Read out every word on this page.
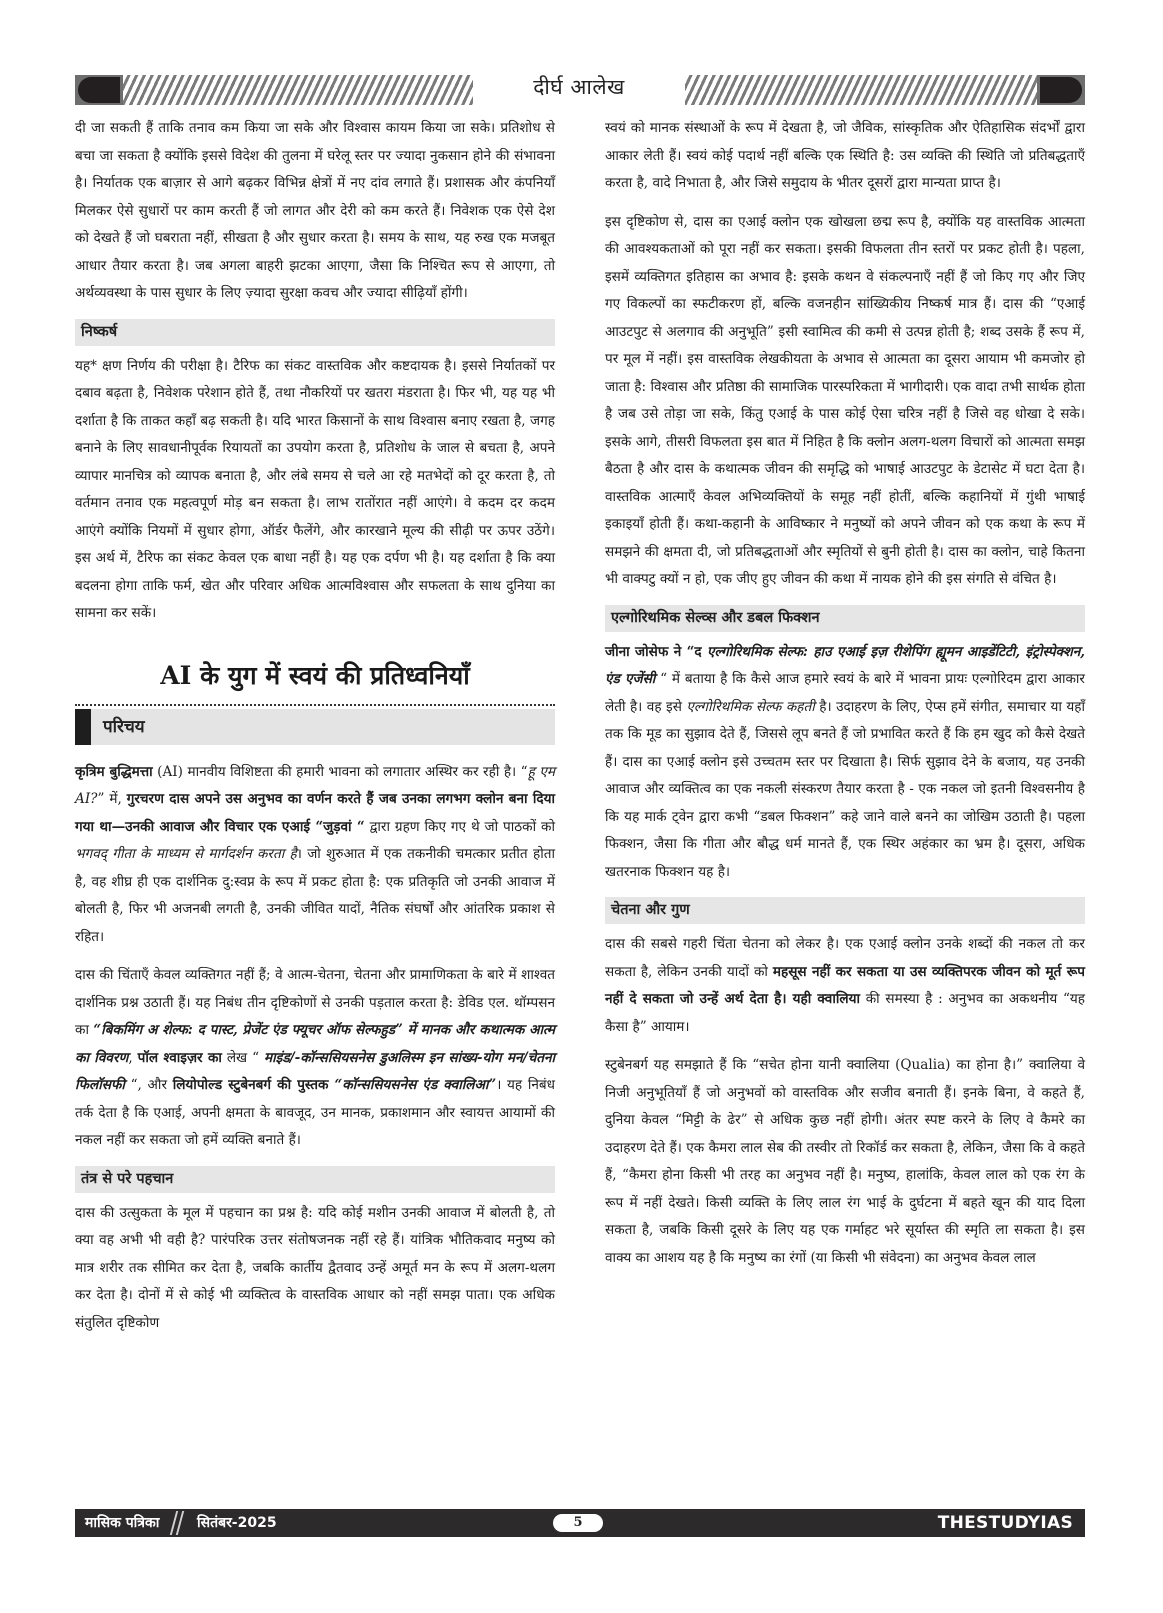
दीर्घ आलेख

दी जा सकती हैं ताकि तनाव कम किया जा सके और विश्वास कायम किया जा सके। प्रतिशोध से बचा जा सकता है क्योंकि इससे विदेश की तुलना में घरेलू स्तर पर ज्यादा नुकसान होने की संभावना है। निर्यातक एक बाज़ार से आगे बढ़कर विभिन्न क्षेत्रों में नए दांव लगाते हैं। प्रशासक और कंपनियाँ मिलकर ऐसे सुधारों पर काम करती हैं जो लागत और देरी को कम करते हैं। निवेशक एक ऐसे देश को देखते हैं जो घबराता नहीं, सीखता है और सुधार करता है। समय के साथ, यह रुख एक मजबूत आधार तैयार करता है। जब अगला बाहरी झटका आएगा, जैसा कि निश्चित रूप से आएगा, तो अर्थव्यवस्था के पास सुधार के लिए ज़्यादा सुरक्षा कवच और ज्यादा सीढ़ियाँ होंगी।

निष्कर्ष

यह* क्षण निर्णय की परीक्षा है। टैरिफ का संकट वास्तविक और कष्टदायक है। इससे निर्यातकों पर दबाव बढ़ता है, निवेशक परेशान होते हैं, तथा नौकरियों पर खतरा मंडराता है। फिर भी, यह यह भी दर्शाता है कि ताकत कहाँ बढ़ सकती है। यदि भारत किसानों के साथ विश्वास बनाए रखता है, जगह बनाने के लिए सावधानीपूर्वक रियायतों का उपयोग करता है, प्रतिशोध के जाल से बचता है, अपने व्यापार मानचित्र को व्यापक बनाता है, और लंबे समय से चले आ रहे मतभेदों को दूर करता है, तो वर्तमान तनाव एक महत्वपूर्ण मोड़ बन सकता है। लाभ रातोंरात नहीं आएंगे। वे कदम दर कदम आएंगे क्योंकि नियमों में सुधार होगा, ऑर्डर फैलेंगे, और कारखाने मूल्य की सीढ़ी पर ऊपर उठेंगे। इस अर्थ में, टैरिफ का संकट केवल एक बाधा नहीं है। यह एक दर्पण भी है। यह दर्शाता है कि क्या बदलना होगा ताकि फर्म, खेत और परिवार अधिक आत्मविश्वास और सफलता के साथ दुनिया का सामना कर सकें।

AI के युग में स्वयं की प्रतिध्वनियाँ
परिचय

कृत्रिम बुद्धिमत्ता (AI) मानवीय विशिष्टता की हमारी भावना को लगातार अस्थिर कर रही है। “हू एम AI?” में, गुरचरण दास अपने उस अनुभव का वर्णन करते हैं जब उनका लगभग क्लोन बना दिया गया था—उनकी आवाज और विचार एक एआई “जुड़वां “ द्वारा ग्रहण किए गए थे जो पाठकों को भगवद् गीता के माध्यम से मार्गदर्शन करता है। जो शुरुआत में एक तकनीकी चमत्कार प्रतीत होता है, वह शीघ्र ही एक दार्शनिक दु:स्वप्न के रूप में प्रकट होता है: एक प्रतिकृति जो उनकी आवाज में बोलती है, फिर भी अजनबी लगती है, उनकी जीवित यादों, नैतिक संघर्षों और आंतरिक प्रकाश से रहित।

दास की चिंताएँ केवल व्यक्तिगत नहीं हैं; वे आत्म-चेतना, चेतना और प्रामाणिकता के बारे में शाश्वत दार्शनिक प्रश्न उठाती हैं। यह निबंध तीन दृष्टिकोणों से उनकी पड़ताल करता है: डेविड एल. थॉम्पसन का “बिकमिंग अ शेल्फ: द पास्ट, प्रेजेंट एंड फ्यूचर ऑफ सेल्फहुड” में मानक और कथात्मक आत्म का विवरण, पॉल श्वाइज़र का लेख “ माइंड/-कॉन्ससियसनेस डुअलिस्म इन सांख्य-योग मन/चेतना फिलॉसफी “, और लियोपोल्ड स्टुबेनबर्ग की पुस्तक “कॉन्ससियसनेस एंड क्वालिआ”। यह निबंध तर्क देता है कि एआई, अपनी क्षमता के बावजूद, उन मानक, प्रकाशमान और स्वायत्त आयामों की नकल नहीं कर सकता जो हमें व्यक्ति बनाते हैं।

तंत्र से परे पहचान

दास की उत्सुकता के मूल में पहचान का प्रश्न है: यदि कोई मशीन उनकी आवाज में बोलती है, तो क्या वह अभी भी वही है? पारंपरिक उत्तर संतोषजनक नहीं रहे हैं। यांत्रिक भौतिकवाद मनुष्य को मात्र शरीर तक सीमित कर देता है, जबकि कार्तीय द्वैतवाद उन्हें अमूर्त मन के रूप में अलग-थलग कर देता है। दोनों में से कोई भी व्यक्तित्व के वास्तविक आधार को नहीं समझ पाता। एक अधिक संतुलित दृष्टिकोण

स्वयं को मानक संस्थाओं के रूप में देखता है, जो जैविक, सांस्कृतिक और ऐतिहासिक संदर्भों द्वारा आकार लेती हैं। स्वयं कोई पदार्थ नहीं बल्कि एक स्थिति है: उस व्यक्ति की स्थिति जो प्रतिबद्धताएँ करता है, वादे निभाता है, और जिसे समुदाय के भीतर दूसरों द्वारा मान्यता प्राप्त है।

इस दृष्टिकोण से, दास का एआई क्लोन एक खोखला छद्म रूप है, क्योंकि यह वास्तविक आत्मता की आवश्यकताओं को पूरा नहीं कर सकता। इसकी विफलता तीन स्तरों पर प्रकट होती है। पहला, इसमें व्यक्तिगत इतिहास का अभाव है: इसके कथन वे संकल्पनाएँ नहीं हैं जो किए गए और जिए गए विकल्पों का स्फटीकरण हों, बल्कि वजनहीन सांख्यिकीय निष्कर्ष मात्र हैं। दास की “एआई आउटपुट से अलगाव की अनुभूति” इसी स्वामित्व की कमी से उत्पन्न होती है; शब्द उसके हैं रूप में, पर मूल में नहीं। इस वास्तविक लेखकीयता के अभाव से आत्मता का दूसरा आयाम भी कमजोर हो जाता है: विश्वास और प्रतिष्ठा की सामाजिक पारस्परिकता में भागीदारी। एक वादा तभी सार्थक होता है जब उसे तोड़ा जा सके, किंतु एआई के पास कोई ऐसा चरित्र नहीं है जिसे वह धोखा दे सके। इसके आगे, तीसरी विफलता इस बात में निहित है कि क्लोन अलग-थलग विचारों को आत्मता समझ बैठता है और दास के कथात्मक जीवन की समृद्धि को भाषाई आउटपुट के डेटासेट में घटा देता है। वास्तविक आत्माएँ केवल अभिव्यक्तियों के समूह नहीं होतीं, बल्कि कहानियों में गुंथी भाषाई इकाइयाँ होती हैं। कथा-कहानी के आविष्कार ने मनुष्यों को अपने जीवन को एक कथा के रूप में समझने की क्षमता दी, जो प्रतिबद्धताओं और स्मृतियों से बुनी होती है। दास का क्लोन, चाहे कितना भी वाक्पटु क्यों न हो, एक जीए हुए जीवन की कथा में नायक होने की इस संगति से वंचित है।

एल्गोरिथमिक सेल्व्स और डबल फिक्शन

जीना जोसेफ ने “द एल्गोरिथमिक सेल्फ: हाउ एआई इज़ रीशेपिंग ह्यूमन आइडेंटिटी, इंट्रोस्पेक्शन, एंड एजेंसी “ में बताया है कि कैसे आज हमारे स्वयं के बारे में भावना प्रायः एल्गोरिदम द्वारा आकार लेती है। वह इसे एल्गोरिथमिक सेल्फ कहती है। उदाहरण के लिए, ऐप्स हमें संगीत, समाचार या यहाँ तक कि मूड का सुझाव देते हैं, जिससे लूप बनते हैं जो प्रभावित करते हैं कि हम खुद को कैसे देखते हैं। दास का एआई क्लोन इसे उच्चतम स्तर पर दिखाता है। सिर्फ सुझाव देने के बजाय, यह उनकी आवाज और व्यक्तित्व का एक नकली संस्करण तैयार करता है - एक नकल जो इतनी विश्वसनीय है कि यह मार्क ट्वेन द्वारा कभी “डबल फिक्शन” कहे जाने वाले बनने का जोखिम उठाती है। पहला फिक्शन, जैसा कि गीता और बौद्ध धर्म मानते हैं, एक स्थिर अहंकार का भ्रम है। दूसरा, अधिक खतरनाक फिक्शन यह है।

चेतना और गुण

दास की सबसे गहरी चिंता चेतना को लेकर है। एक एआई क्लोन उनके शब्दों की नकल तो कर सकता है, लेकिन उनकी यादों को महसूस नहीं कर सकता या उस व्यक्तिपरक जीवन को मूर्त रूप नहीं दे सकता जो उन्हें अर्थ देता है। यही क्वालिया की समस्या है : अनुभव का अकथनीय “यह कैसा है” आयाम।

स्टुबेनबर्ग यह समझाते हैं कि “सचेत होना यानी क्वालिया (Qualia) का होना है।” क्वालिया वे निजी अनुभूतियाँ हैं जो अनुभवों को वास्तविक और सजीव बनाती हैं। इनके बिना, वे कहते हैं, दुनिया केवल “मिट्टी के ढेर” से अधिक कुछ नहीं होगी। अंतर स्पष्ट करने के लिए वे कैमरे का उदाहरण देते हैं। एक कैमरा लाल सेब की तस्वीर तो रिकॉर्ड कर सकता है, लेकिन, जैसा कि वे कहते हैं, “कैमरा होना किसी भी तरह का अनुभव नहीं है। मनुष्य, हालांकि, केवल लाल को एक रंग के रूप में नहीं देखते। किसी व्यक्ति के लिए लाल रंग भाई के दुर्घटना में बहते खून की याद दिला सकता है, जबकि किसी दूसरे के लिए यह एक गर्माहट भरे सूर्यास्त की स्मृति ला सकता है। इस वाक्य का आशय यह है कि मनुष्य का रंगों (या किसी भी संवेदना) का अनुभव केवल लाल

मासिक पत्रिका	सितंबर-2025	5	THESTUDYIAS
